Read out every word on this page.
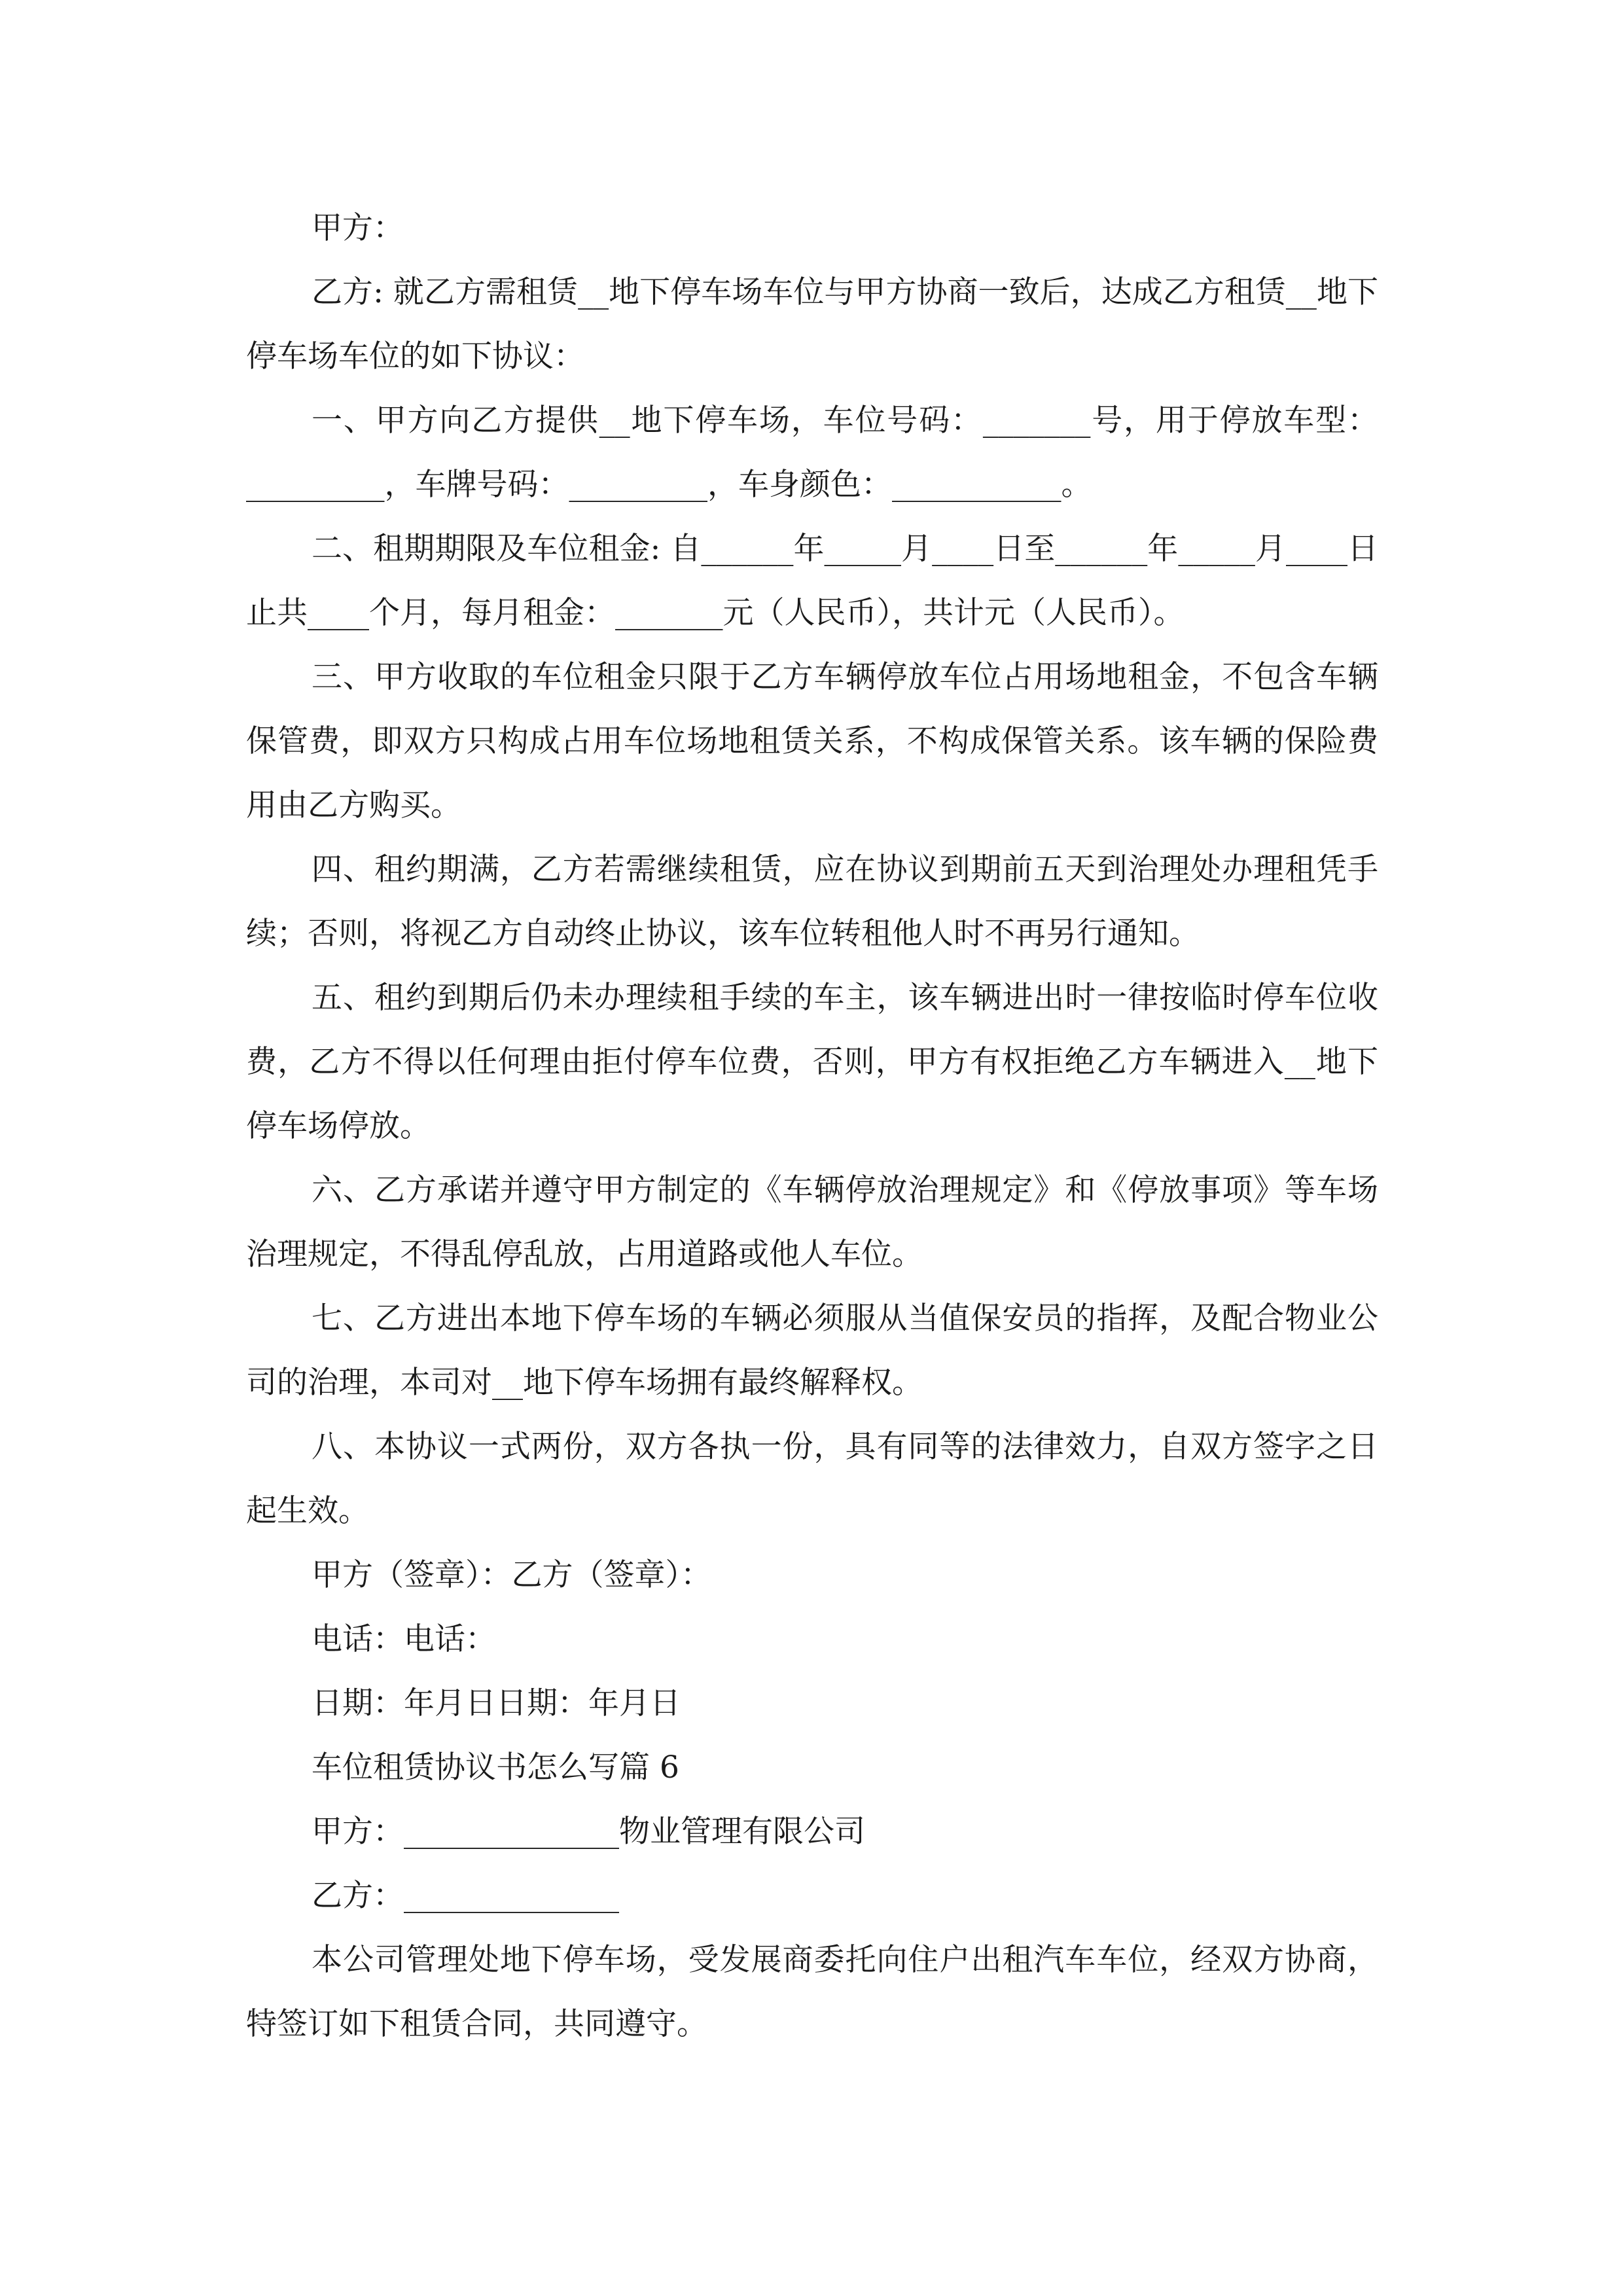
甲方：

乙方: 就乙方需租赁__地下停车场车位与甲方协商一致后，达成乙方租赁__地下停车场车位的如下协议：

一、甲方向乙方提供__地下停车场，车位号码：_______号，用于停放车型：_________，车牌号码：_________，车身颜色：___________。

二、租期期限及车位租金: 自______年_____月____日至______年_____月____日止共____个月，每月租金：_______元（人民币），共计元（人民币）。

三、甲方收取的车位租金只限于乙方车辆停放车位占用场地租金，不包含车辆保管费，即双方只构成占用车位场地租赁关系，不构成保管关系。该车辆的保险费用由乙方购买。

四、租约期满，乙方若需继续租赁，应在协议到期前五天到治理处办理租凭手续；否则，将视乙方自动终止协议，该车位转租他人时不再另行通知。

五、租约到期后仍未办理续租手续的车主，该车辆进出时一律按临时停车位收费，乙方不得以任何理由拒付停车位费，否则，甲方有权拒绝乙方车辆进入__地下停车场停放。

六、乙方承诺并遵守甲方制定的《车辆停放治理规定》和《停放事项》等车场治理规定，不得乱停乱放，占用道路或他人车位。

七、乙方进出本地下停车场的车辆必须服从当值保安员的指挥，及配合物业公司的治理，本司对__地下停车场拥有最终解释权。

八、本协议一式两份，双方各执一份，具有同等的法律效力，自双方签字之日起生效。

甲方（签章）：乙方（签章）：

电话：电话：

日期：年月日日期：年月日

车位租赁协议书怎么写篇 6

甲方：______________物业管理有限公司

乙方：______________

本公司管理处地下停车场，受发展商委托向住户出租汽车车位，经双方协商，特签订如下租赁合同，共同遵守。
